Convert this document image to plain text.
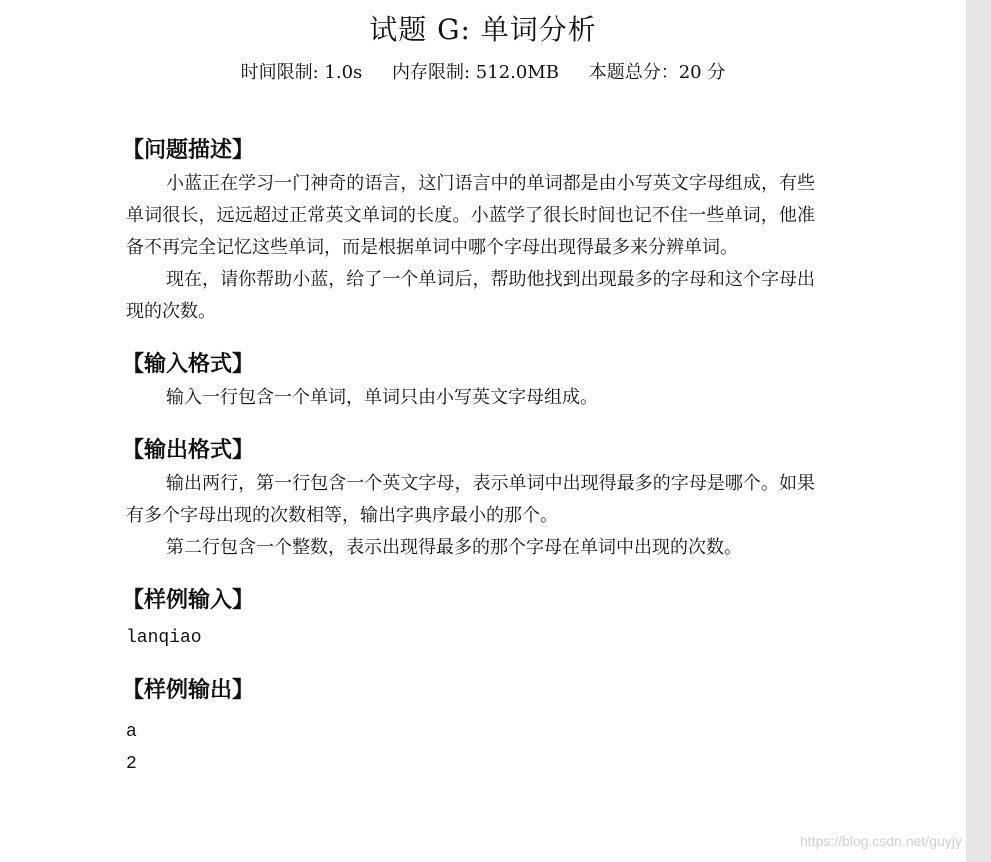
试题 G: 单词分析
时间限制: 1.0s 内存限制: 512.0MB 本题总分：20 分
【问题描述】

小蓝正在学习一门神奇的语言，这门语言中的单词都是由小写英文字母组成，有些单词很长，远远超过正常英文单词的长度。小蓝学了很长时间也记不住一些单词，他准备不再完全记忆这些单词，而是根据单词中哪个字母出现得最多来分辨单词。

现在，请你帮助小蓝，给了一个单词后，帮助他找到出现最多的字母和这个字母出现的次数。

【输入格式】

输入一行包含一个单词，单词只由小写英文字母组成。

【输出格式】

输出两行，第一行包含一个英文字母，表示单词中出现得最多的字母是哪个。如果有多个字母出现的次数相等，输出字典序最小的那个。

第二行包含一个整数，表示出现得最多的那个字母在单词中出现的次数。

【样例输入】
lanqiao
【样例输出】
a
2
https://blog.csdn.net/guyjy
